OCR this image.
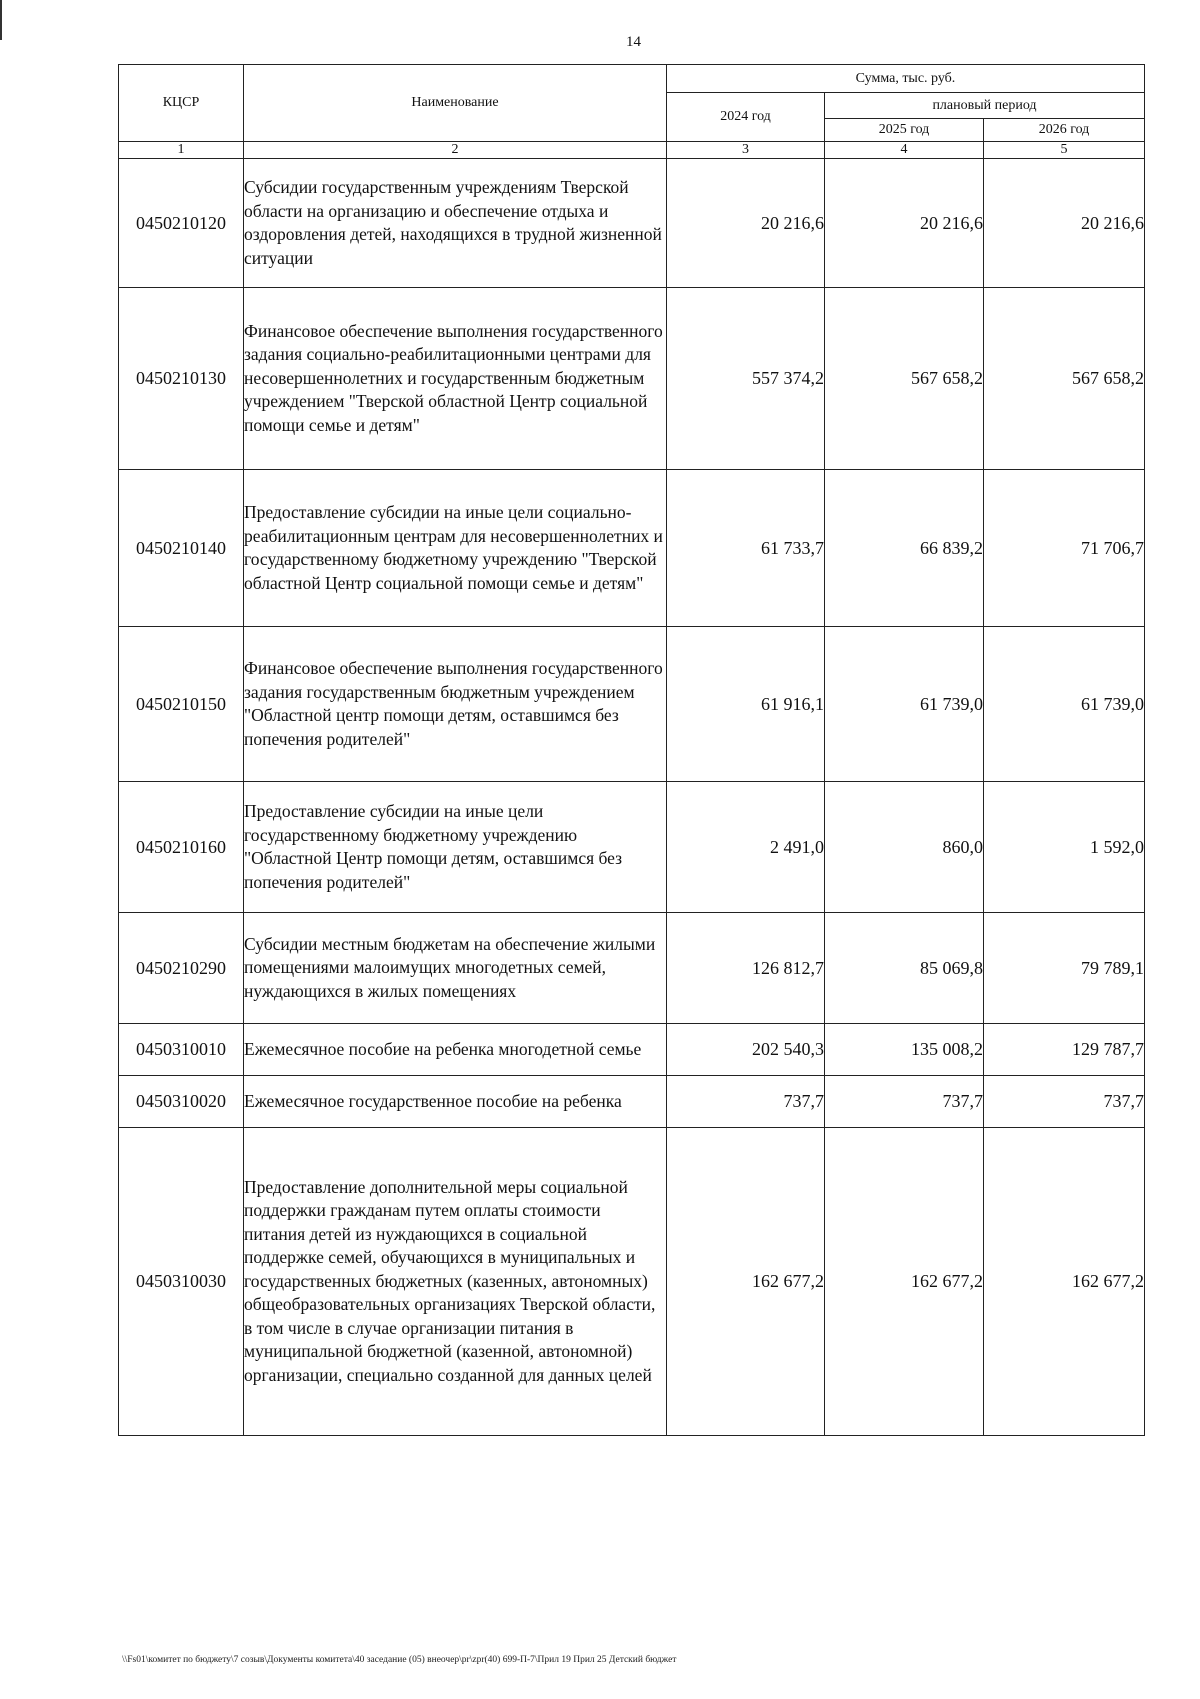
14
КЦСР	Наименование	Сумма, тыс. руб.		
		2024 год	плановый период	
			2025 год	2026 год
1	2	3	4	5
0450210120	Субсидии государственным учреждениям Тверской области на организацию и обеспечение отдыха и оздоровления детей, находящихся в трудной жизненной ситуации	20 216,6	20 216,6	20 216,6
0450210130	Финансовое обеспечение выполнения государственного задания социально-реабилитационными центрами для несовершеннолетних и государственным бюджетным учреждением "Тверской областной Центр социальной помощи семье и детям"	557 374,2	567 658,2	567 658,2
0450210140	Предоставление субсидии на иные цели социально-реабилитационным центрам для несовершеннолетних и государственному бюджетному учреждению "Тверской областной Центр социальной помощи семье и детям"	61 733,7	66 839,2	71 706,7
0450210150	Финансовое обеспечение выполнения государственного задания государственным бюджетным учреждением "Областной центр помощи детям, оставшимся без попечения родителей"	61 916,1	61 739,0	61 739,0
0450210160	Предоставление субсидии на иные цели государственному бюджетному учреждению "Областной Центр помощи детям, оставшимся без попечения родителей"	2 491,0	860,0	1 592,0
0450210290	Субсидии местным бюджетам на обеспечение жилыми помещениями малоимущих многодетных семей, нуждающихся в жилых помещениях	126 812,7	85 069,8	79 789,1
0450310010	Ежемесячное пособие на ребенка многодетной семье	202 540,3	135 008,2	129 787,7
0450310020	Ежемесячное государственное пособие на ребенка	737,7	737,7	737,7
0450310030	Предоставление дополнительной меры социальной поддержки гражданам путем оплаты стоимости питания детей из нуждающихся в социальной поддержке семей, обучающихся в муниципальных и государственных бюджетных (казенных, автономных) общеобразовательных организациях Тверской области, в том числе в случае организации питания в муниципальной бюджетной (казенной, автономной) организации, специально созданной для данных целей	162 677,2	162 677,2	162 677,2
\\Fs01\комитет по бюджету\7 созыв\Документы комитета\40 заседание (05) внеочер\pr\zpr(40) 699-П-7\Прил 19 Прил 25 Детский бюджет
